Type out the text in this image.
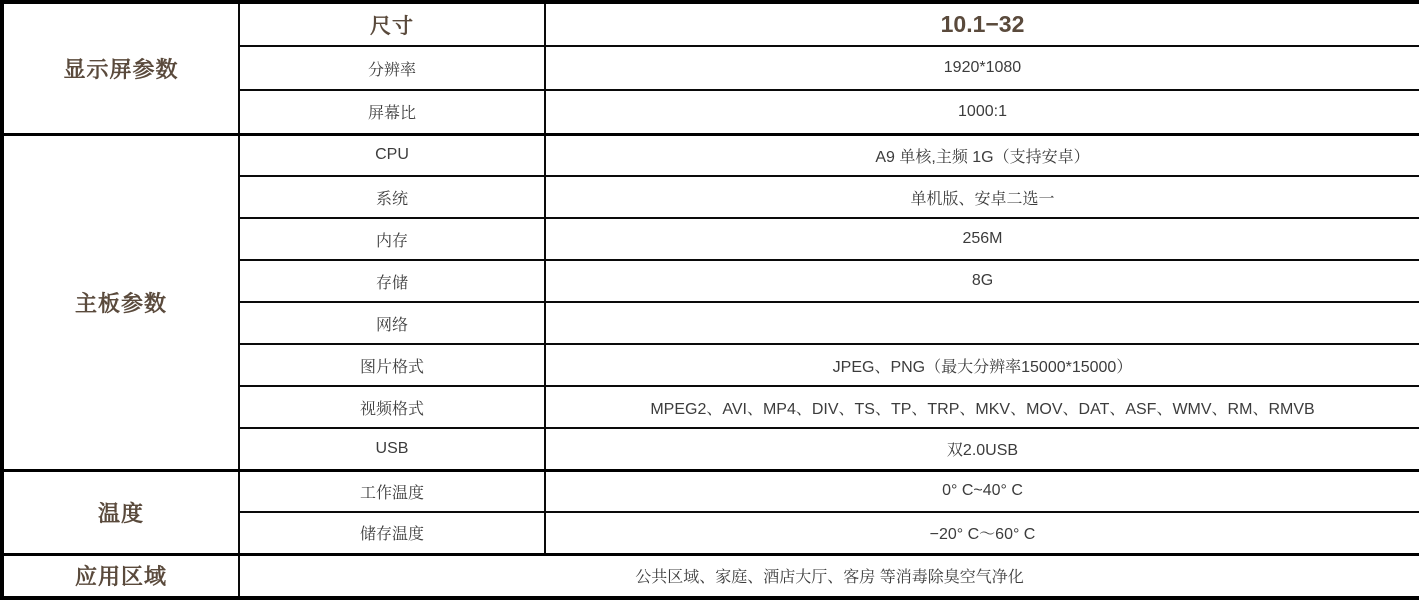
显示屏参数	尺寸	10.1−32
	分辨率	1920*1080
	屏幕比	1000:1
主板参数	CPU	A9 单核,主频 1G（支持安卓）
	系统	单机版、安卓二选一
	内存	256M
	存储	8G
	网络	
	图片格式	JPEG、PNG（最大分辨率15000*15000）
	视频格式	MPEG2、AVI、MP4、DIV、TS、TP、TRP、MKV、MOV、DAT、ASF、WMV、RM、RMVB
	USB	双2.0USB
温度	工作温度	0° C~40° C
	储存温度	−20° C～60° C
应用区域	公共区域、家庭、酒店大厅、客房 等消毒除臭空气净化	
